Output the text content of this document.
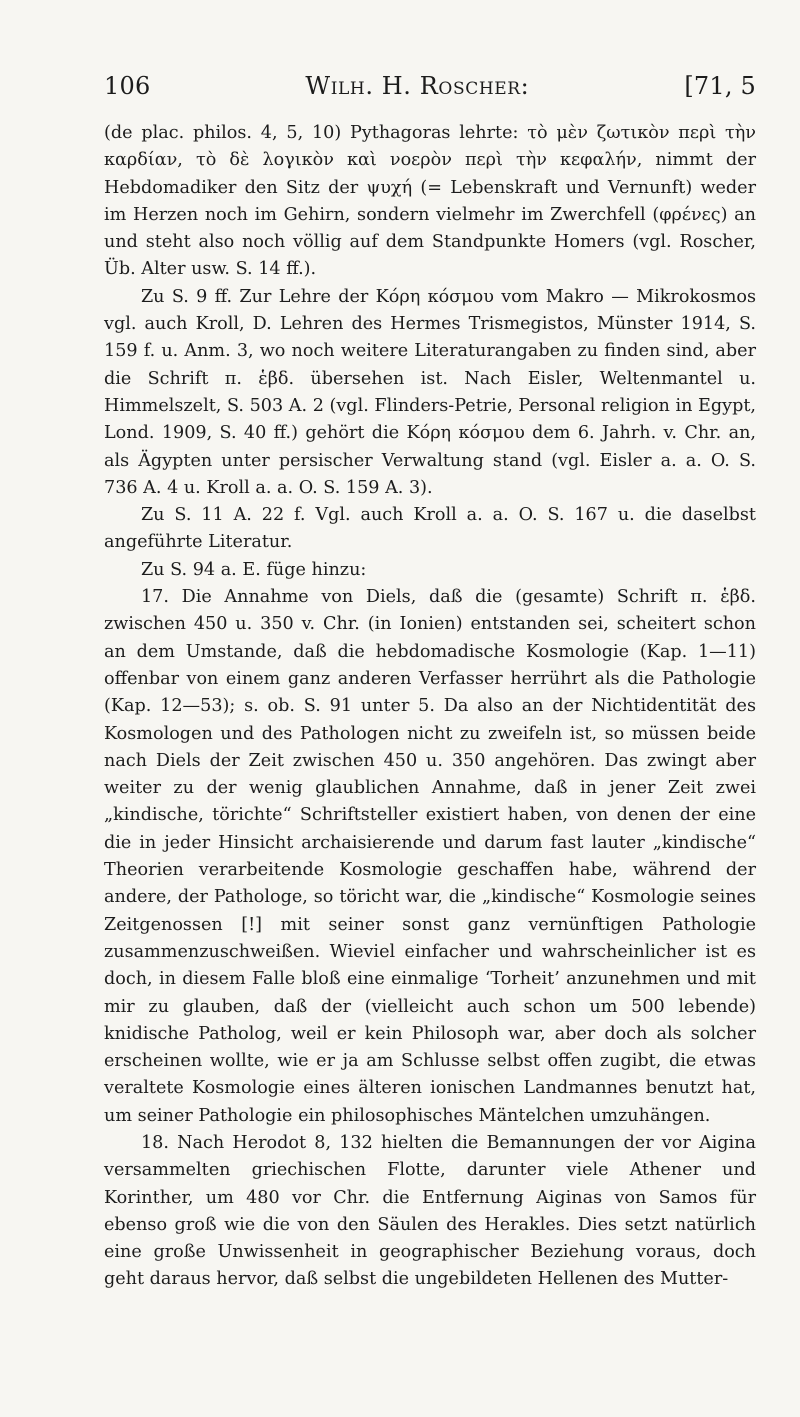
106	Wilh. H. Roscher:	[71, 5

(de plac. philos. 4, 5, 10) Pythagoras lehrte: τὸ μὲν ζωτικὸν περὶ τὴν καρδίαν, τὸ δὲ λογικὸν καὶ νοερὸν περὶ τὴν κεφαλήν, nimmt der Hebdomadiker den Sitz der ψυχή (= Lebenskraft und Vernunft) weder im Herzen noch im Gehirn, sondern vielmehr im Zwerchfell (φρένες) an und steht also noch völlig auf dem Standpunkte Homers (vgl. Roscher, Üb. Alter usw. S. 14 ff.).

Zu S. 9 ff. Zur Lehre der Κόρη κόσμου vom Makro — Mikrokosmos vgl. auch Kroll, D. Lehren des Hermes Trismegistos, Münster 1914, S. 159 f. u. Anm. 3, wo noch weitere Literaturangaben zu finden sind, aber die Schrift π. ἑβδ. übersehen ist. Nach Eisler, Weltenmantel u. Himmelszelt, S. 503 A. 2 (vgl. Flinders-Petrie, Personal religion in Egypt, Lond. 1909, S. 40 ff.) gehört die Κόρη κόσμου dem 6. Jahrh. v. Chr. an, als Ägypten unter persischer Verwaltung stand (vgl. Eisler a. a. O. S. 736 A. 4 u. Kroll a. a. O. S. 159 A. 3).

Zu S. 11 A. 22 f. Vgl. auch Kroll a. a. O. S. 167 u. die daselbst angeführte Literatur.

Zu S. 94 a. E. füge hinzu:

17. Die Annahme von Diels, daß die (gesamte) Schrift π. ἑβδ. zwischen 450 u. 350 v. Chr. (in Ionien) entstanden sei, scheitert schon an dem Umstande, daß die hebdomadische Kosmologie (Kap. 1—11) offenbar von einem ganz anderen Verfasser herrührt als die Pathologie (Kap. 12—53); s. ob. S. 91 unter 5. Da also an der Nichtidentität des Kosmologen und des Pathologen nicht zu zweifeln ist, so müssen beide nach Diels der Zeit zwischen 450 u. 350 angehören. Das zwingt aber weiter zu der wenig glaublichen Annahme, daß in jener Zeit zwei „kindische, törichte“ Schriftsteller existiert haben, von denen der eine die in jeder Hinsicht archaisierende und darum fast lauter „kindische“ Theorien verarbeitende Kosmologie geschaffen habe, während der andere, der Pathologe, so töricht war, die „kindische“ Kosmologie seines Zeitgenossen [!] mit seiner sonst ganz vernünftigen Pathologie zusammenzuschweißen. Wieviel einfacher und wahrscheinlicher ist es doch, in diesem Falle bloß eine einmalige ‘Torheit’ anzunehmen und mit mir zu glauben, daß der (vielleicht auch schon um 500 lebende) knidische Patholog, weil er kein Philosoph war, aber doch als solcher erscheinen wollte, wie er ja am Schlusse selbst offen zugibt, die etwas veraltete Kosmologie eines älteren ionischen Landmannes benutzt hat, um seiner Pathologie ein philosophisches Mäntelchen umzuhängen.

18. Nach Herodot 8, 132 hielten die Bemannungen der vor Aigina versammelten griechischen Flotte, darunter viele Athener und Korinther, um 480 vor Chr. die Entfernung Aiginas von Samos für ebenso groß wie die von den Säulen des Herakles. Dies setzt natürlich eine große Unwissenheit in geographischer Beziehung voraus, doch geht daraus hervor, daß selbst die ungebildeten Hellenen des Mutter-
